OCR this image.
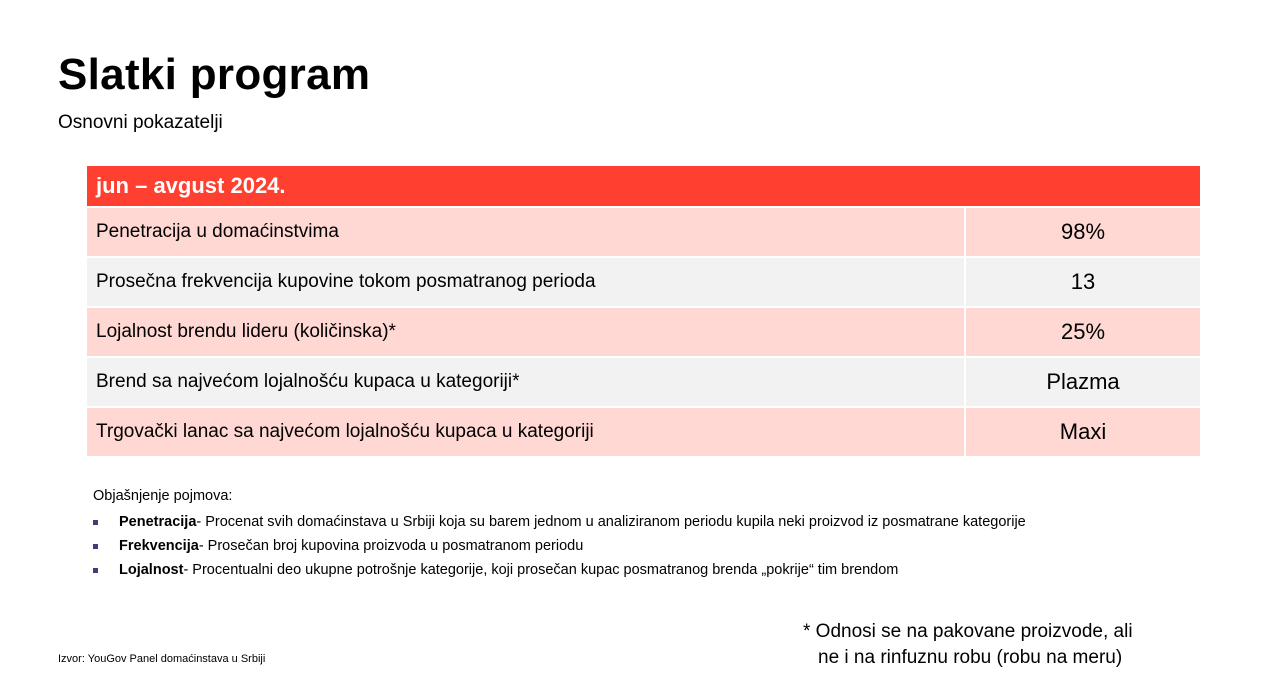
Slatki program
Osnovni pokazatelji
jun – avgust 2024.
Penetracija u domaćinstvima	98%
Prosečna frekvencija kupovine tokom posmatranog perioda	13
Lojalnost brendu lideru (količinska)*	25%
Brend sa najvećom lojalnošću kupaca u kategoriji*	Plazma
Trgovački lanac sa najvećom lojalnošću kupaca u kategoriji	Maxi
Objašnjenje pojmova:
Penetracija - Procenat svih domaćinstava u Srbiji koja su barem jednom u analiziranom periodu kupila neki proizvod iz posmatrane kategorije
Frekvencija - Prosečan broj kupovina proizvoda u posmatranom periodu
Lojalnost - Procentualni deo ukupne potrošnje kategorije, koji prosečan kupac posmatranog brenda „pokrije“ tim brendom
Izvor: YouGov Panel domaćinstava u Srbiji
* Odnosi se na pakovane proizvode, ali
ne i na rinfuznu robu (robu na meru)
